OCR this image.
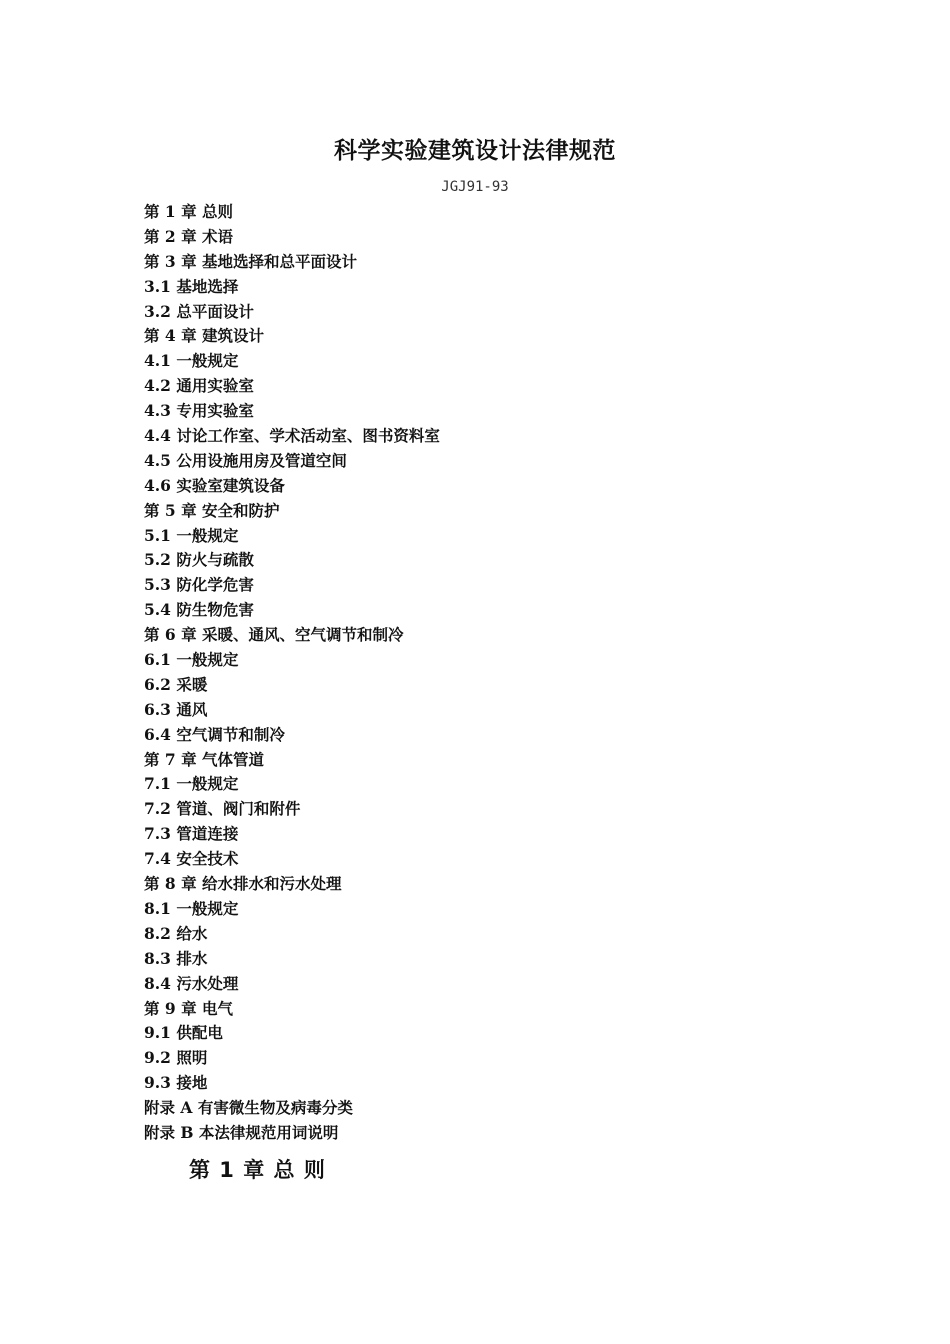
科学实验建筑设计法律规范
JGJ91-93
第 1 章 总则
第 2 章 术语
第 3 章 基地选择和总平面设计
3.1 基地选择
3.2 总平面设计
第 4 章 建筑设计
4.1 一般规定
4.2 通用实验室
4.3 专用实验室
4.4 讨论工作室、学术活动室、图书资料室
4.5 公用设施用房及管道空间
4.6 实验室建筑设备
第 5 章 安全和防护
5.1 一般规定
5.2 防火与疏散
5.3 防化学危害
5.4 防生物危害
第 6 章 采暖、通风、空气调节和制冷
6.1 一般规定
6.2 采暖
6.3 通风
6.4 空气调节和制冷
第 7 章 气体管道
7.1 一般规定
7.2 管道、阀门和附件
7.3 管道连接
7.4 安全技术
第 8 章 给水排水和污水处理
8.1 一般规定
8.2 给水
8.3 排水
8.4 污水处理
第 9 章 电气
9.1 供配电
9.2 照明
9.3 接地
附录 A 有害微生物及病毒分类
附录 B 本法律规范用词说明
第 1 章 总 则
